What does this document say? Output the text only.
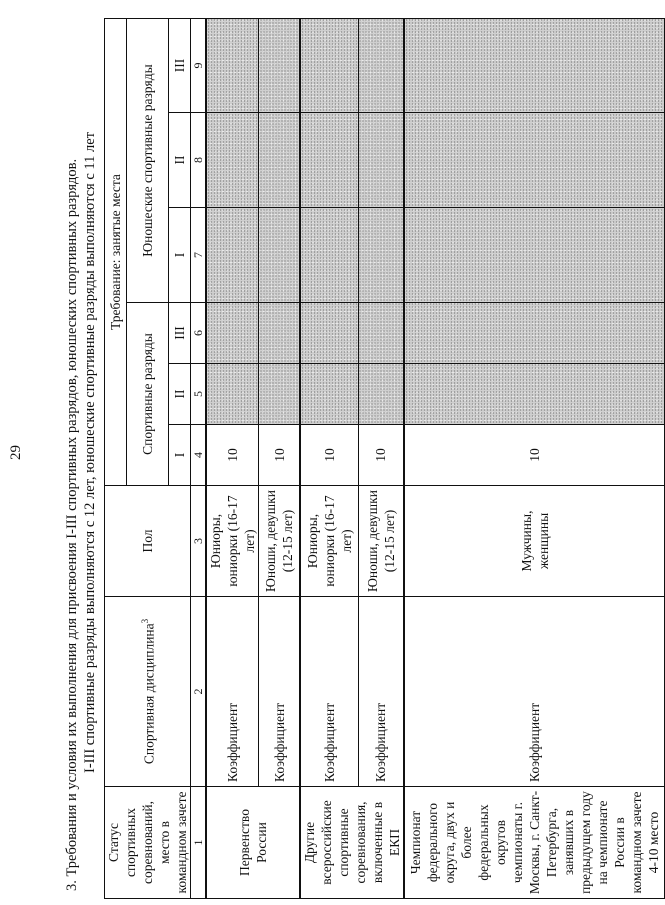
29	3. Требования и условия их выполнения для присвоения I-III спортивных разрядов, юношеских спортивных разрядов. I-III спортивные разряды выполняются с 12 лет, юношеские спортивные разряды выполняются с 11 лет
Статус спортивных соревнований, место в командном зачете	Спортивная дисциплина$^3$	Пол	Требование: занятые места					
			Спортивные разряды			Юношеские спортивные разряды		
			I	II	III	I	II	III
1	2	3	4	5	6	7	8	9
Первенство России	Коэффициент	Юниоры, юниорки (16-17 лет)	10					
	Коэффициент	Юноши, девушки (12-15 лет)	10					
Другие всероссийские спортивные соревнования, включенные в ЕКП	Коэффициент	Юниоры, юниорки (16-17 лет)	10					
	Коэффициент	Юноши, девушки (12-15 лет)	10					
Чемпионат федерального округа, двух и более федеральных округов чемпионаты г. Москвы, г. Санкт-Петербурга, занявших в предыдущем году на чемпионате России в командном зачете 4-10 место	Коэффициент	Мужчины, женщины	10					
